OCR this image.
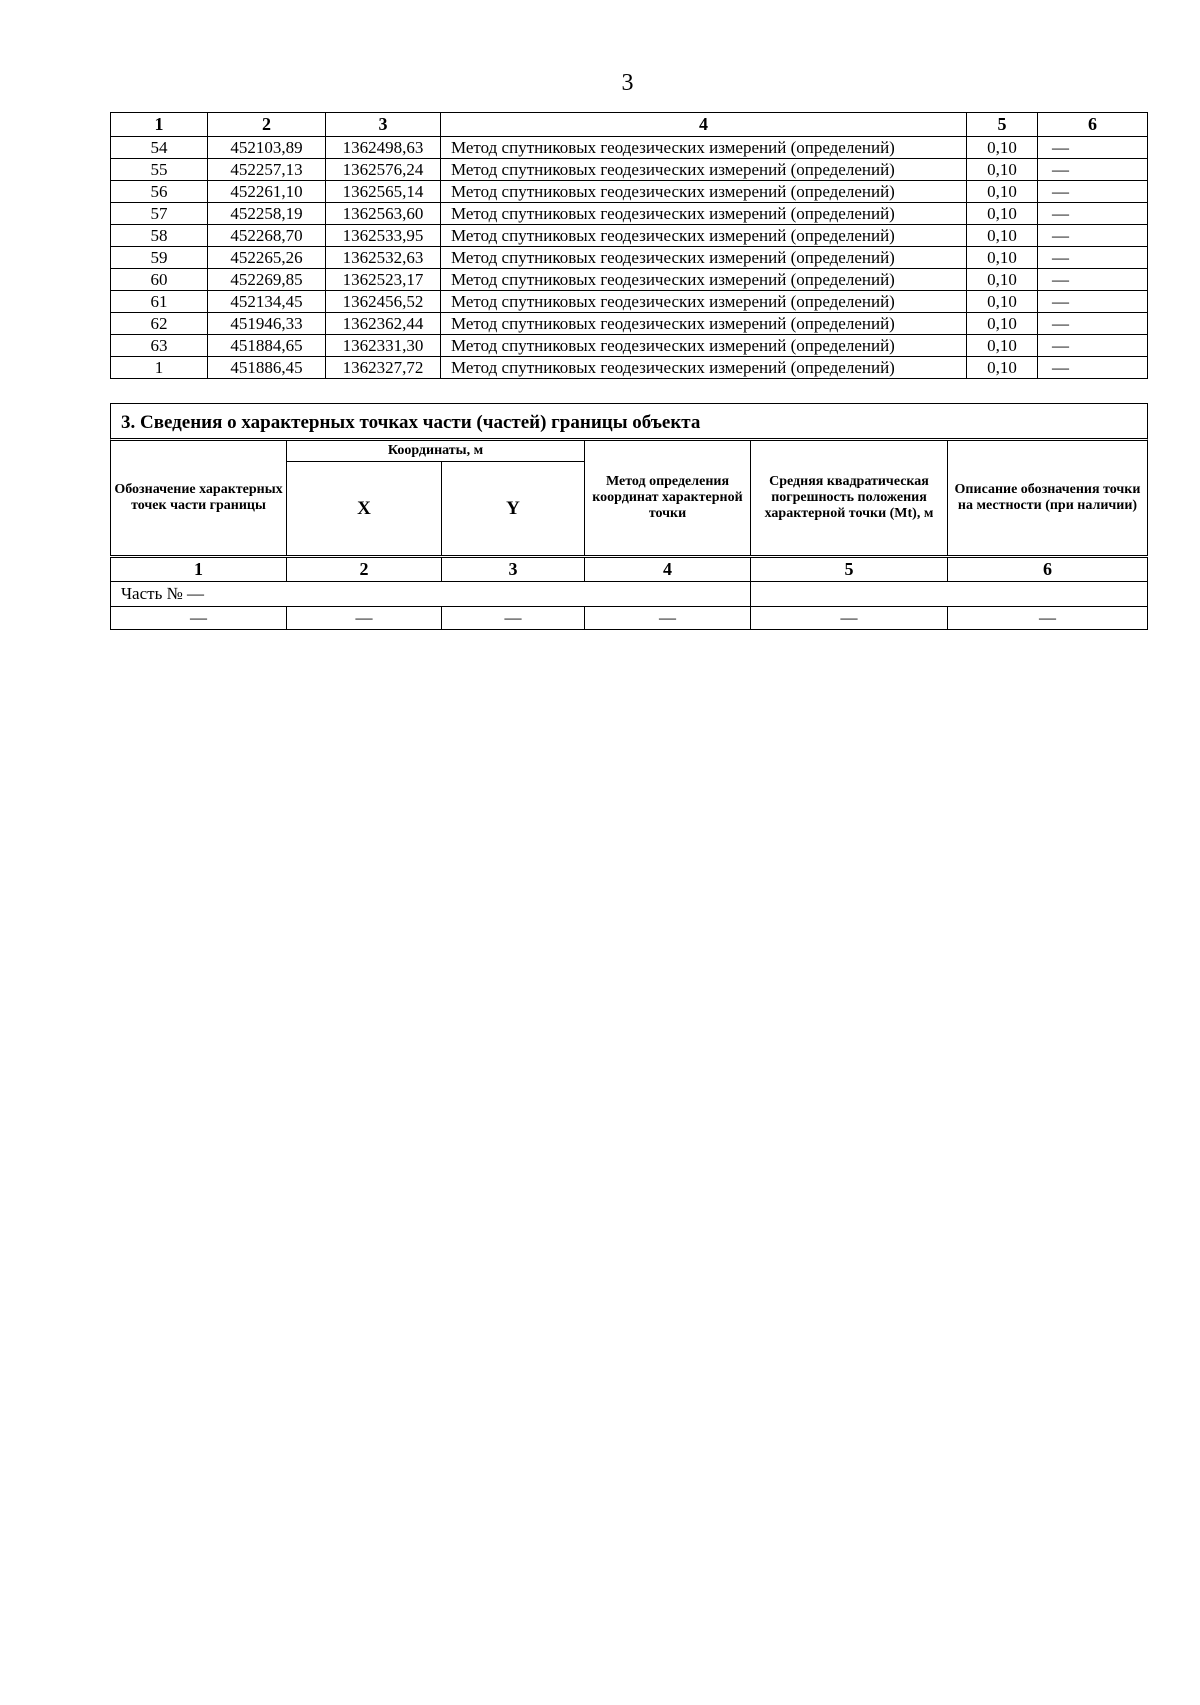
3
1	2	3	4	5	6
54	452103,89	1362498,63	Метод спутниковых геодезических измерений (определений)	0,10	—
55	452257,13	1362576,24	Метод спутниковых геодезических измерений (определений)	0,10	—
56	452261,10	1362565,14	Метод спутниковых геодезических измерений (определений)	0,10	—
57	452258,19	1362563,60	Метод спутниковых геодезических измерений (определений)	0,10	—
58	452268,70	1362533,95	Метод спутниковых геодезических измерений (определений)	0,10	—
59	452265,26	1362532,63	Метод спутниковых геодезических измерений (определений)	0,10	—
60	452269,85	1362523,17	Метод спутниковых геодезических измерений (определений)	0,10	—
61	452134,45	1362456,52	Метод спутниковых геодезических измерений (определений)	0,10	—
62	451946,33	1362362,44	Метод спутниковых геодезических измерений (определений)	0,10	—
63	451884,65	1362331,30	Метод спутниковых геодезических измерений (определений)	0,10	—
1	451886,45	1362327,72	Метод спутниковых геодезических измерений (определений)	0,10	—
3. Сведения о характерных точках части (частей) границы объекта
Обозначение характерных точек части границы	Координаты, м		Метод определения координат характерной точки	Средняя квадратическая погрешность положения характерной точки (Mt), м	Описание обозначения точки на местности (при наличии)
	X	Y			
1	2	3	4	5	6
Часть № —					
—	—	—	—	—	—
